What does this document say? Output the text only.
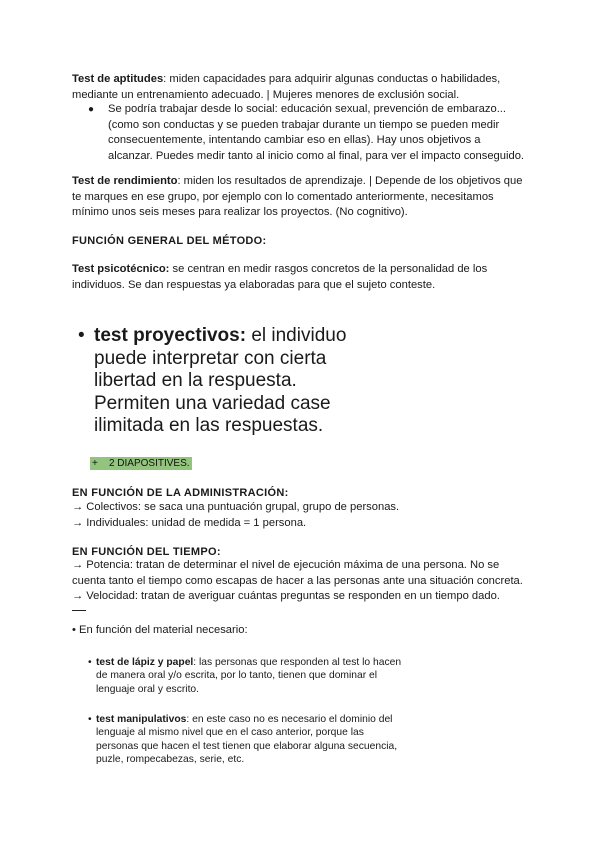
Test de aptitudes: miden capacidades para adquirir algunas conductas o habilidades, mediante un entrenamiento adecuado. | Mujeres menores de exclusión social.

● Se podría trabajar desde lo social: educación sexual, prevención de embarazo... (como son conductas y se pueden trabajar durante un tiempo se pueden medir consecuentemente, intentando cambiar eso en ellas). Hay unos objetivos a alcanzar. Puedes medir tanto al inicio como al final, para ver el impacto conseguido.

Test de rendimiento: miden los resultados de aprendizaje. | Depende de los objetivos que te marques en ese grupo, por ejemplo con lo comentado anteriormente, necesitamos mínimo unos seis meses para realizar los proyectos. (No cognitivo).

FUNCIÓN GENERAL DEL MÉTODO:

Test psicotécnico: se centran en medir rasgos concretos de la personalidad de los individuos. Se dan respuestas ya elaboradas para que el sujeto conteste.

• test proyectivos: el individuo
puede interpretar con cierta
libertad en la respuesta.
Permiten una variedad case
ilimitada en las respuestas.
+ 2 DIAPOSITIVES.
EN FUNCIÓN DE LA ADMINISTRACIÓN:

→ Colectivos: se saca una puntuación grupal, grupo de personas.

→ Individuales: unidad de medida = 1 persona.

EN FUNCIÓN DEL TIEMPO:

→ Potencia: tratan de determinar el nivel de ejecución máxima de una persona. No se cuenta tanto el tiempo como escapas de hacer a las personas ante una situación concreta.

→ Velocidad: tratan de averiguar cuántas preguntas se responden en un tiempo dado.

• En función del material necesario:
• test de lápiz y papel: las personas que responden al test lo hacen de manera oral y/o escrita, por lo tanto, tienen que dominar el lenguaje oral y escrito.
• test manipulativos: en este caso no es necesario el dominio del lenguaje al mismo nivel que en el caso anterior, porque las personas que hacen el test tienen que elaborar alguna secuencia, puzle, rompecabezas, serie, etc.
